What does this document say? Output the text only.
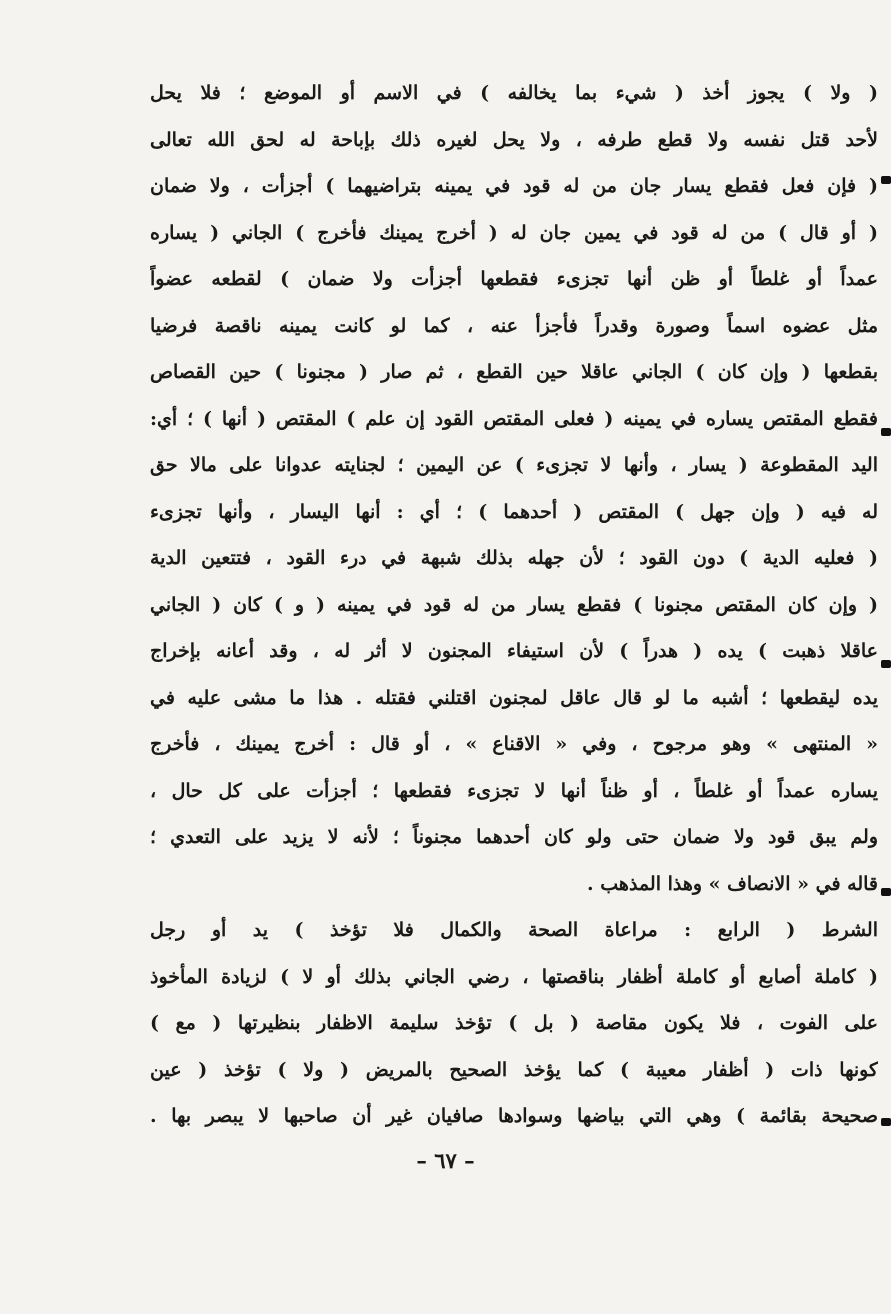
( ولا ) يجوز أخذ ( شيء بما يخالفه ) في الاسم أو الموضع ؛ فلا يحل
لأحد قتل نفسه ولا قطع طرفه ، ولا يحل لغيره ذلك بإباحة له لحق الله تعالى
( فإن فعل فقطع يسار جان من له قود في يمينه بتراضيهما ) أجزأت ، ولا ضمان
( أو قال ) من له قود في يمين جان له ( أخرج يمينك فأخرج ) الجاني ( يساره
عمداً أو غلطاً أو ظن أنها تجزىء فقطعها أجزأت ولا ضمان ) لقطعه عضواً
مثل عضوه اسماً وصورة وقدراً فأجزأ عنه ، كما لو كانت يمينه ناقصة فرضيا
بقطعها ( وإن كان ) الجاني عاقلا حين القطع ، ثم صار ( مجنونا ) حين القصاص
فقطع المقتص يساره في يمينه ( فعلى المقتص القود إن علم ) المقتص ( أنها ) ؛ أي:
اليد المقطوعة ( يسار ، وأنها لا تجزىء ) عن اليمين ؛ لجنايته عدوانا على مالا حق
له فيه ( وإن جهل ) المقتص ( أحدهما ) ؛ أي : أنها اليسار ، وأنها تجزىء
( فعليه الدية ) دون القود ؛ لأن جهله بذلك شبهة في درء القود ، فتتعين الدية
( وإن كان المقتص مجنونا ) فقطع يسار من له قود في يمينه ( و ) كان ( الجاني
عاقلا ذهبت ) يده ( هدراً ) لأن استيفاء المجنون لا أثر له ، وقد أعانه بإخراج
يده ليقطعها ؛ أشبه ما لو قال عاقل لمجنون اقتلني فقتله . هذا ما مشى عليه في
« المنتهى » وهو مرجوح ، وفي « الاقناع » ، أو قال : أخرج يمينك ، فأخرج
يساره عمداً أو غلطاً ، أو ظناً أنها لا تجزىء فقطعها ؛ أجزأت على كل حال ،
ولم يبق قود ولا ضمان حتى ولو كان أحدهما مجنوناً ؛ لأنه لا يزيد على التعدي ؛
قاله في « الانصاف » وهذا المذهب .
الشرط ( الرابع : مراعاة الصحة والكمال فلا تؤخذ ) يد أو رجل
( كاملة أصابع أو كاملة أظفار بناقصتها ، رضي الجاني بذلك أو لا ) لزيادة المأخوذ
على الفوت ، فلا يكون مقاصة ( بل ) تؤخذ سليمة الاظفار بنظيرتها ( مع )
كونها ذات ( أظفار معيبة ) كما يؤخذ الصحيح بالمريض ( ولا ) تؤخذ ( عين
صحيحة بقائمة ) وهي التي بياضها وسوادها صافيان غير أن صاحبها لا يبصر بها .
– ٦٧ –
